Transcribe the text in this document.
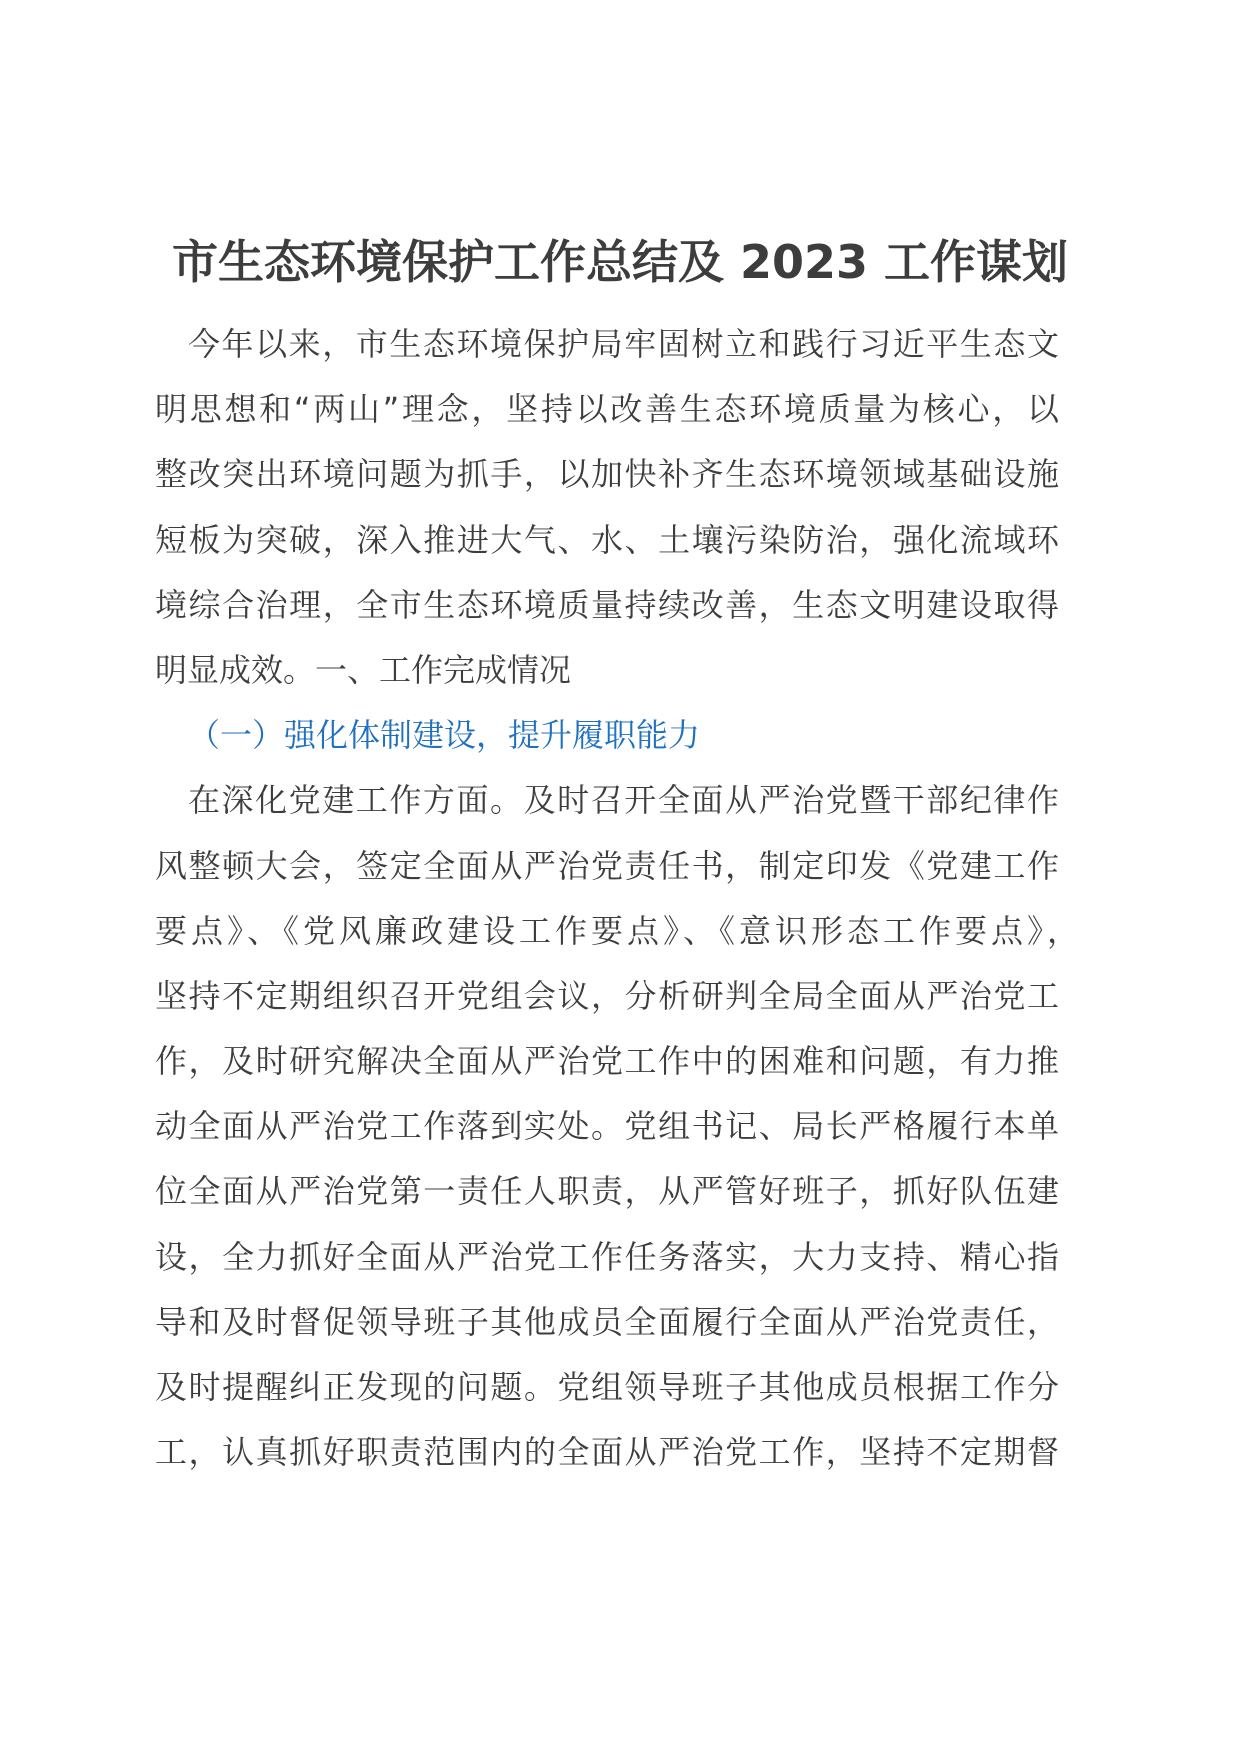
市生态环境保护工作总结及 2023 工作谋划
今年以来，市生态环境保护局牢固树立和践行习近平生态文
明思想和“两山”理念，坚持以改善生态环境质量为核心，以
整改突出环境问题为抓手，以加快补齐生态环境领域基础设施
短板为突破，深入推进大气、水、土壤污染防治，强化流域环
境综合治理，全市生态环境质量持续改善，生态文明建设取得
明显成效。一、工作完成情况
（一）强化体制建设，提升履职能力
在深化党建工作方面。及时召开全面从严治党暨干部纪律作
风整顿大会，签定全面从严治党责任书，制定印发《党建工作
要点》、《党风廉政建设工作要点》、《意识形态工作要点》，
坚持不定期组织召开党组会议，分析研判全局全面从严治党工
作，及时研究解决全面从严治党工作中的困难和问题，有力推
动全面从严治党工作落到实处。党组书记、局长严格履行本单
位全面从严治党第一责任人职责，从严管好班子，抓好队伍建
设，全力抓好全面从严治党工作任务落实，大力支持、精心指
导和及时督促领导班子其他成员全面履行全面从严治党责任，
及时提醒纠正发现的问题。党组领导班子其他成员根据工作分
工，认真抓好职责范围内的全面从严治党工作，坚持不定期督
